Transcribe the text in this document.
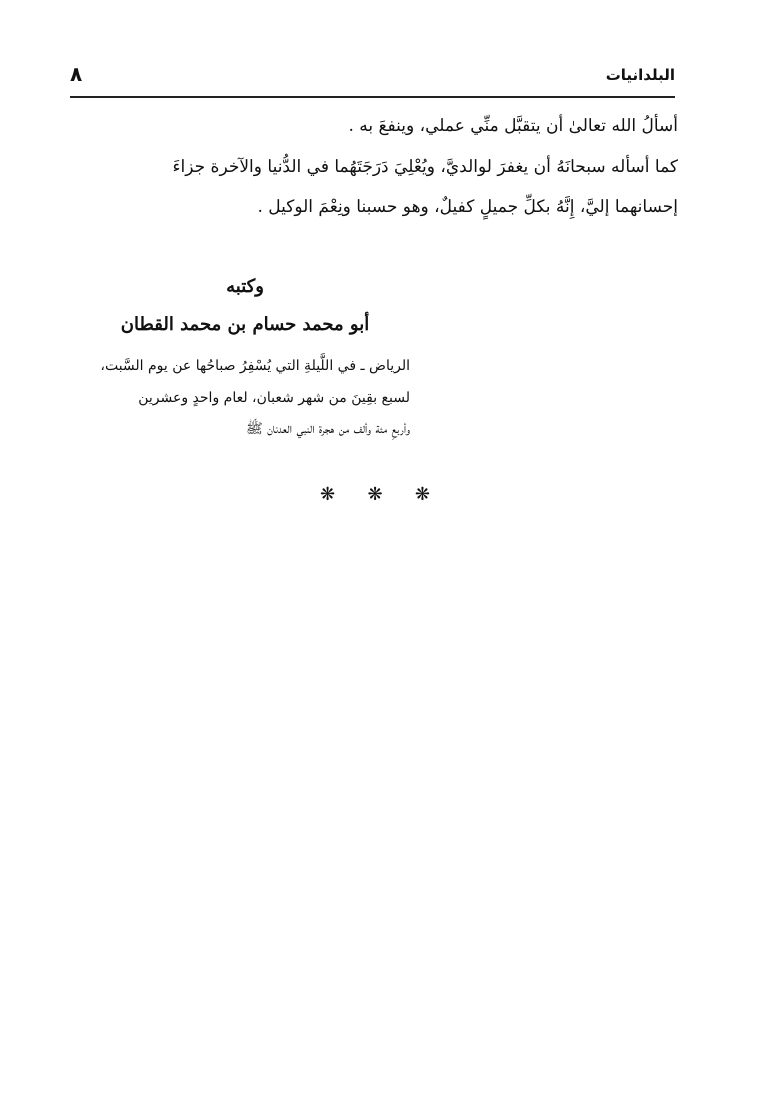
البلدانيات
٨
أسألُ الله تعالىٰ أن يتقبَّل منِّي عملي، وينفعَ به .
كما أسأله سبحانَهُ أن يغفرَ لوالديَّ، ويُعْلِيَ دَرَجَتَهُما في الدُّنيا والآخرة جزاءَ
إحسانهما إليَّ، إِنَّهُ بكلِّ جميلٍ كفيلٌ، وهو حسبنا ونِعْمَ الوكيل .
وكتبه
أبو محمد حسام بن محمد القطان
الرياض ـ في اللَّيلةِ التي يُسْفِرُ صباحُها عن يوم السَّبت،
لسبع بقِينَ من شهر شعبان، لعام واحدٍ وعشرين
وأربعِ مئة وألف من هجرة النبي العدنان ﷺ
❋ ❋ ❋
